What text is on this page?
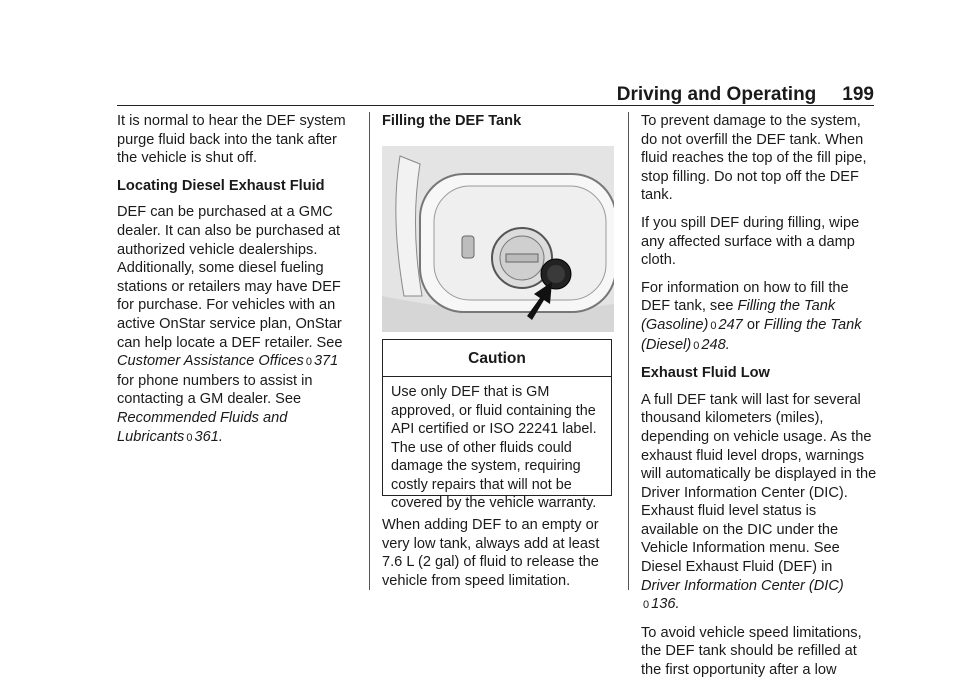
Driving and Operating 199

It is normal to hear the DEF system purge fluid back into the tank after the vehicle is shut off.

Locating Diesel Exhaust Fluid

DEF can be purchased at a GMC dealer. It can also be purchased at authorized vehicle dealerships. Additionally, some diesel fueling stations or retailers may have DEF for purchase. For vehicles with an active OnStar service plan, OnStar can help locate a DEF retailer. See
Customer Assistance Offices 0 371
for phone numbers to assist in contacting a GM dealer. See
Recommended Fluids and Lubricants 0 361.

Filling the DEF Tank

Caution
Use only DEF that is GM approved, or fluid containing the API certified or ISO 22241 label. The use of other fluids could damage the system, requiring costly repairs that will not be covered by the vehicle warranty.

When adding DEF to an empty or very low tank, always add at least 7.6 L (2 gal) of fluid to release the vehicle from speed limitation.

To prevent damage to the system, do not overfill the DEF tank. When fluid reaches the top of the fill pipe, stop filling. Do not top off the DEF tank.

If you spill DEF during filling, wipe any affected surface with a damp cloth.

For information on how to fill the DEF tank, see Filling the Tank (Gasoline) 0 247 or Filling the Tank (Diesel) 0 248.

Exhaust Fluid Low

A full DEF tank will last for several thousand kilometers (miles), depending on vehicle usage. As the exhaust fluid level drops, warnings will automatically be displayed in the Driver Information Center (DIC). Exhaust fluid level status is available on the DIC under the Vehicle Information menu. See Diesel Exhaust Fluid (DEF) in
Driver Information Center (DIC)
0 136.

To avoid vehicle speed limitations, the DEF tank should be refilled at the first opportunity after a low
